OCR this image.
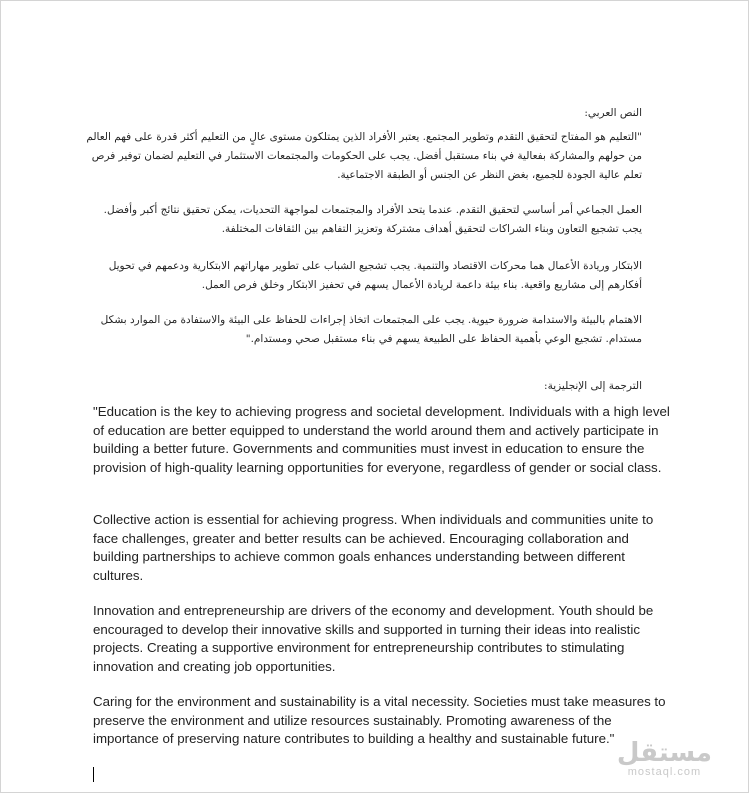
النص العربي:

"التعليم هو المفتاح لتحقيق التقدم وتطوير المجتمع. يعتبر الأفراد الذين يمتلكون مستوى عالٍ من التعليم أكثر قدرة على فهم العالم من حولهم والمشاركة بفعالية في بناء مستقبل أفضل. يجب على الحكومات والمجتمعات الاستثمار في التعليم لضمان توفير فرص تعلم عالية الجودة للجميع، بغض النظر عن الجنس أو الطبقة الاجتماعية.

العمل الجماعي أمر أساسي لتحقيق التقدم. عندما يتحد الأفراد والمجتمعات لمواجهة التحديات، يمكن تحقيق نتائج أكبر وأفضل. يجب تشجيع التعاون وبناء الشراكات لتحقيق أهداف مشتركة وتعزيز التفاهم بين الثقافات المختلفة.

الابتكار وريادة الأعمال هما محركات الاقتصاد والتنمية. يجب تشجيع الشباب على تطوير مهاراتهم الابتكارية ودعمهم في تحويل أفكارهم إلى مشاريع واقعية. بناء بيئة داعمة لريادة الأعمال يسهم في تحفيز الابتكار وخلق فرص العمل.

الاهتمام بالبيئة والاستدامة ضرورة حيوية. يجب على المجتمعات اتخاذ إجراءات للحفاظ على البيئة والاستفادة من الموارد بشكل مستدام. تشجيع الوعي بأهمية الحفاظ على الطبيعة يسهم في بناء مستقبل صحي ومستدام."

الترجمة إلى الإنجليزية:

"Education is the key to achieving progress and societal development. Individuals with a high level of education are better equipped to understand the world around them and actively participate in building a better future. Governments and communities must invest in education to ensure the provision of high-quality learning opportunities for everyone, regardless of gender or social class.

Collective action is essential for achieving progress. When individuals and communities unite to face challenges, greater and better results can be achieved. Encouraging collaboration and building partnerships to achieve common goals enhances understanding between different cultures.

Innovation and entrepreneurship are drivers of the economy and development. Youth should be encouraged to develop their innovative skills and supported in turning their ideas into realistic projects. Creating a supportive environment for entrepreneurship contributes to stimulating innovation and creating job opportunities.

Caring for the environment and sustainability is a vital necessity. Societies must take measures to preserve the environment and utilize resources sustainably. Promoting awareness of the importance of preserving nature contributes to building a healthy and sustainable future." مستقل
mostaql.com
